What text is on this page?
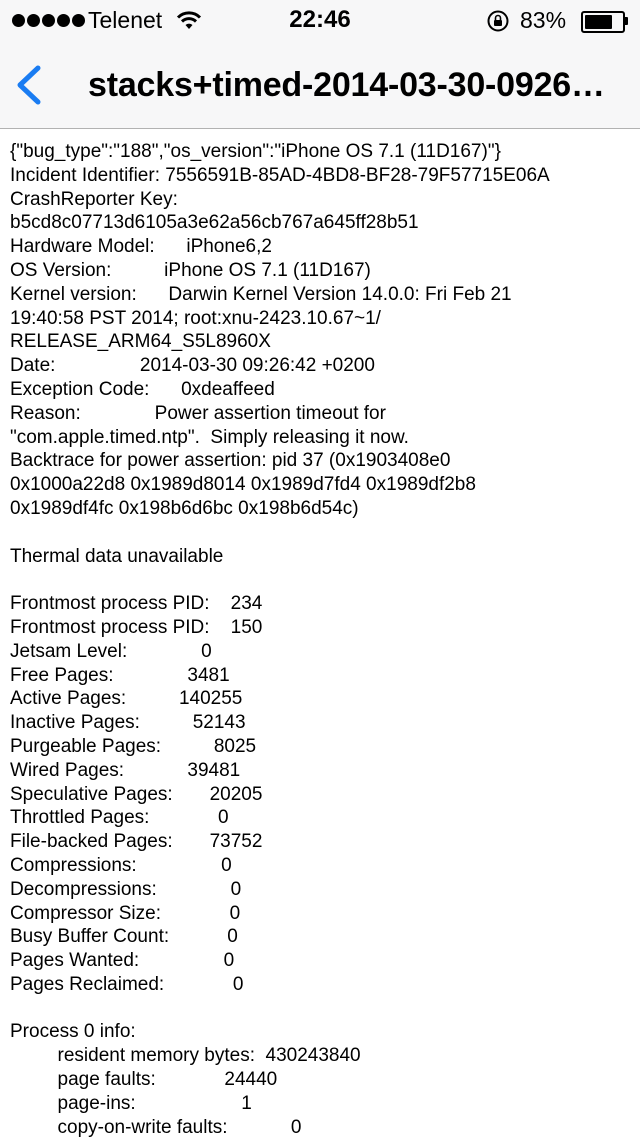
Telenet	22:46	83%
stacks+timed-2014-03-30-0926…
{"bug_type":"188","os_version":"iPhone OS 7.1 (11D167)"}
Incident Identifier: 7556591B-85AD-4BD8-BF28-79F57715E06A
CrashReporter Key:
b5cd8c07713d6105a3e62a56cb767a645ff28b51
Hardware Model:      iPhone6,2
OS Version:          iPhone OS 7.1 (11D167)
Kernel version:      Darwin Kernel Version 14.0.0: Fri Feb 21
19:40:58 PST 2014; root:xnu-2423.10.67~1/
RELEASE_ARM64_S5L8960X
Date:                2014-03-30 09:26:42 +0200
Exception Code:      0xdeaffeed
Reason:              Power assertion timeout for
"com.apple.timed.ntp".  Simply releasing it now.
Backtrace for power assertion: pid 37 (0x1903408e0
0x1000a22d8 0x1989d8014 0x1989d7fd4 0x1989df2b8
0x1989df4fc 0x198b6d6bc 0x198b6d54c)
Thermal data unavailable
Frontmost process PID:    234
Frontmost process PID:    150
Jetsam Level:              0
Free Pages:              3481
Active Pages:          140255
Inactive Pages:          52143
Purgeable Pages:          8025
Wired Pages:            39481
Speculative Pages:       20205
Throttled Pages:             0
File-backed Pages:       73752
Compressions:                0
Decompressions:              0
Compressor Size:             0
Busy Buffer Count:           0
Pages Wanted:                0
Pages Reclaimed:             0
Process 0 info:
resident memory bytes:  430243840
page faults:             24440
page-ins:                    1
copy-on-write faults:            0
